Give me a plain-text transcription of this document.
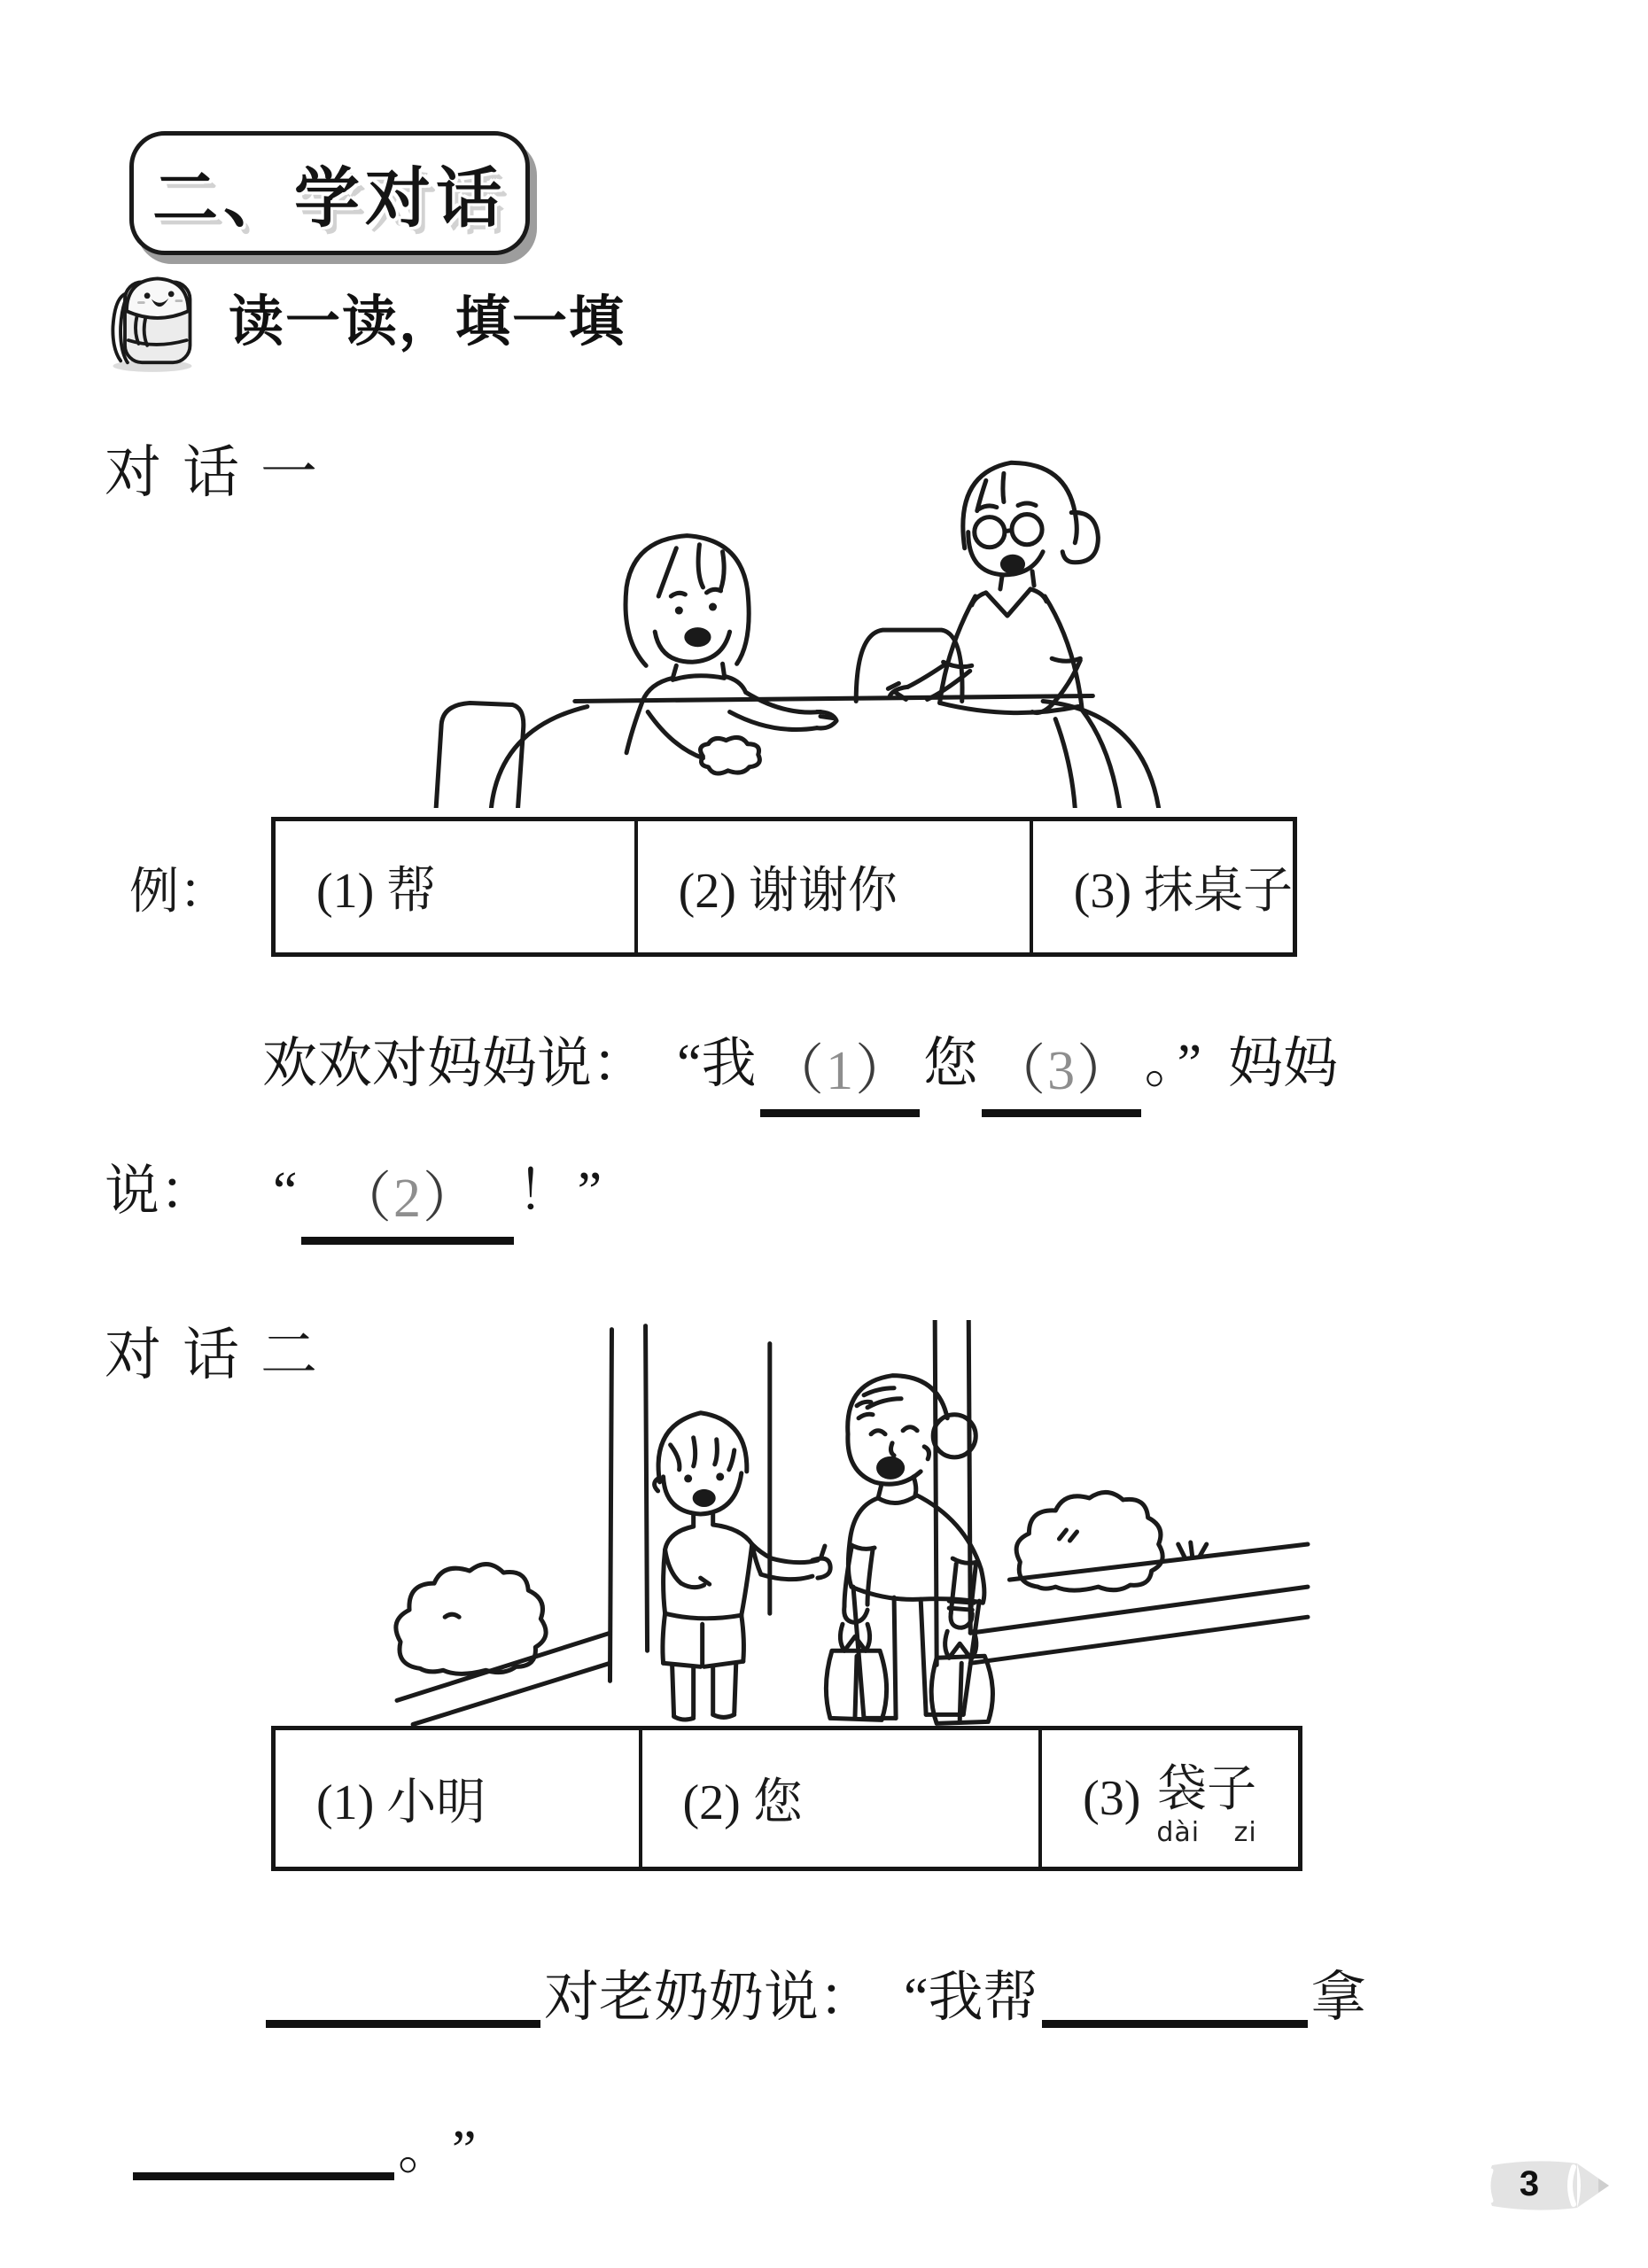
二、学对话
读一读，填一填
对话一
例： (1) 帮	(2) 谢谢你	(3) 抹桌子
欢欢对妈妈说： “我 （1） 您 （3） 。” 妈妈
说： “ （2） ！”
对话二
(1) 小明	(2) 您	(3) 袋子
dài zi
对老奶奶说： “我帮	拿
。 ”
3
